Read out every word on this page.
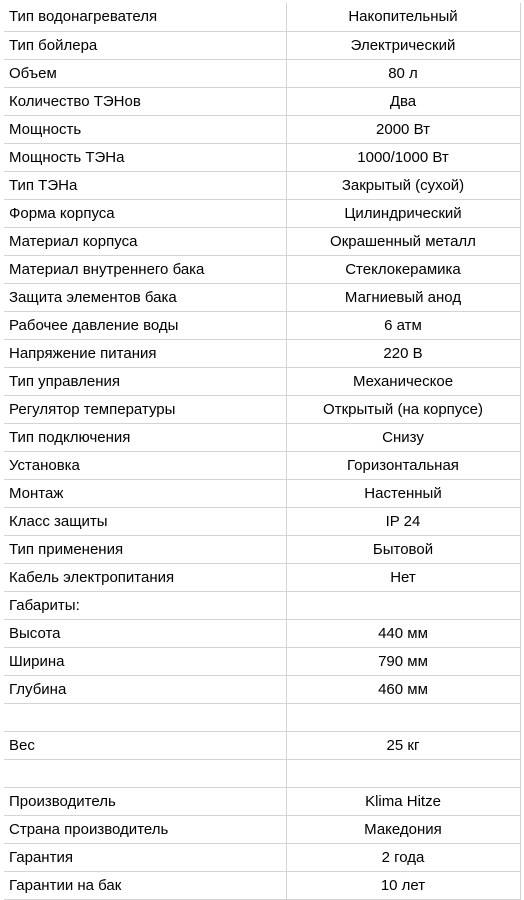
Тип водонагревателя	Накопительный
Тип бойлера	Электрический
Объем	80 л
Количество ТЭНов	Два
Мощность	2000 Вт
Мощность ТЭНа	1000/1000 Вт
Тип ТЭНа	Закрытый (сухой)
Форма корпуса	Цилиндрический
Материал корпуса	Окрашенный металл
Материал внутреннего бака	Стеклокерамика
Защита элементов бака	Магниевый анод
Рабочее давление воды	6 атм
Напряжение питания	220 В
Тип управления	Механическое
Регулятор температуры	Открытый (на корпусе)
Тип подключения	Снизу
Установка	Горизонтальная
Монтаж	Настенный
Класс защиты	IP 24
Тип применения	Бытовой
Кабель электропитания	Нет
Габариты:	
Высота	440 мм
Ширина	790 мм
Глубина	460 мм

Вес	25 кг

Производитель	Klima Hitze
Страна производитель	Македония
Гарантия	2 года
Гарантии на бак	10 лет
